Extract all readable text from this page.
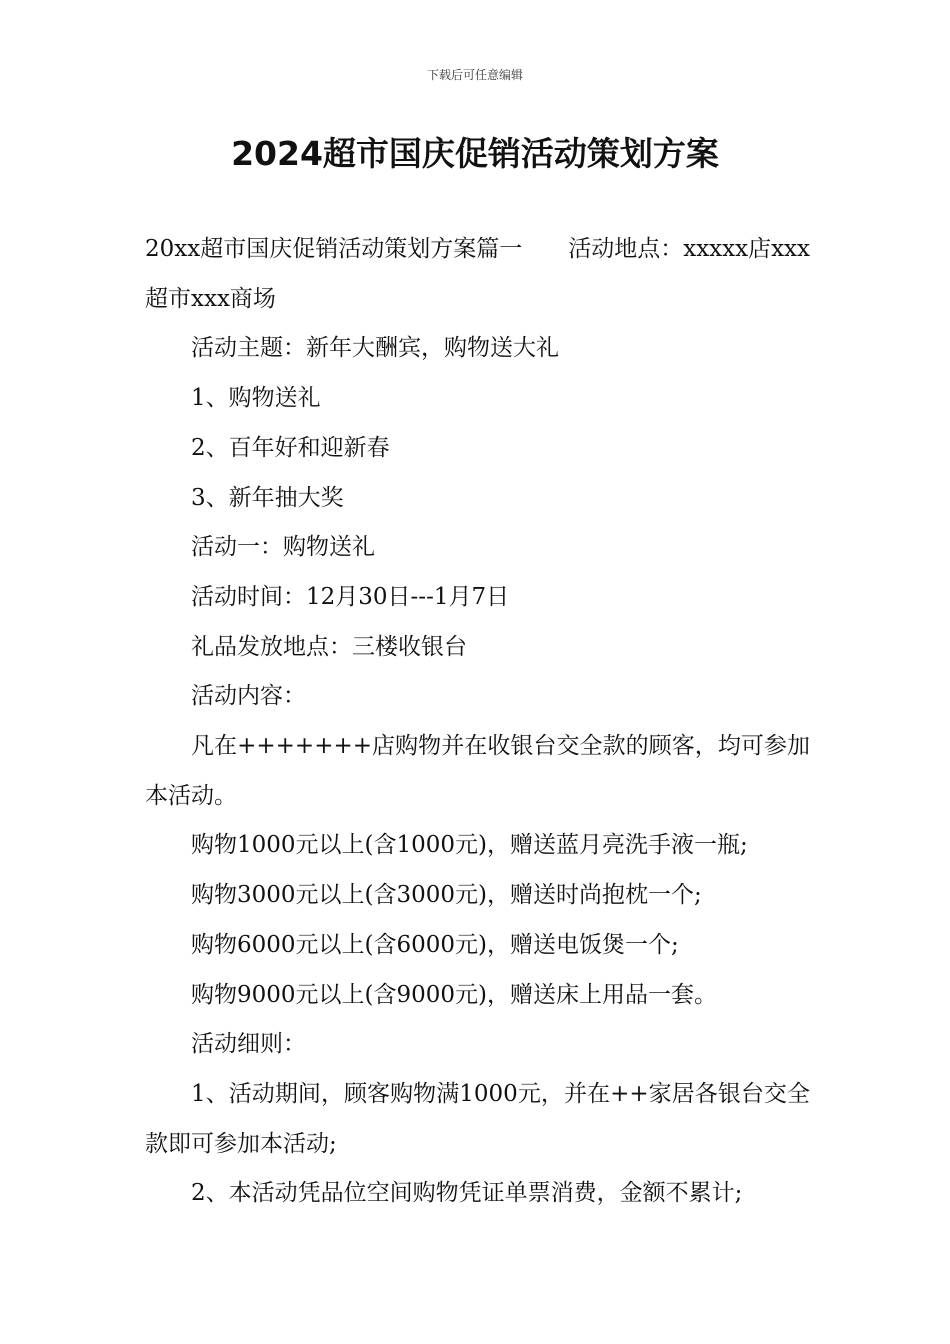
下载后可任意编辑
2024超市国庆促销活动策划方案

20xx超市国庆促销活动策划方案篇一　　活动地点：xxxxx店xxx超市xxx商场

活动主题：新年大酬宾，购物送大礼

1、购物送礼

2、百年好和迎新春

3、新年抽大奖

活动一：购物送礼

活动时间：12月30日---1月7日

礼品发放地点：三楼收银台

活动内容：

凡在+++++++店购物并在收银台交全款的顾客，均可参加本活动。

购物1000元以上(含1000元)，赠送蓝月亮洗手液一瓶;

购物3000元以上(含3000元)，赠送时尚抱枕一个;

购物6000元以上(含6000元)，赠送电饭煲一个;

购物9000元以上(含9000元)，赠送床上用品一套。

活动细则：

1、活动期间，顾客购物满1000元，并在++家居各银台交全款即可参加本活动;

2、本活动凭品位空间购物凭证单票消费，金额不累计;
